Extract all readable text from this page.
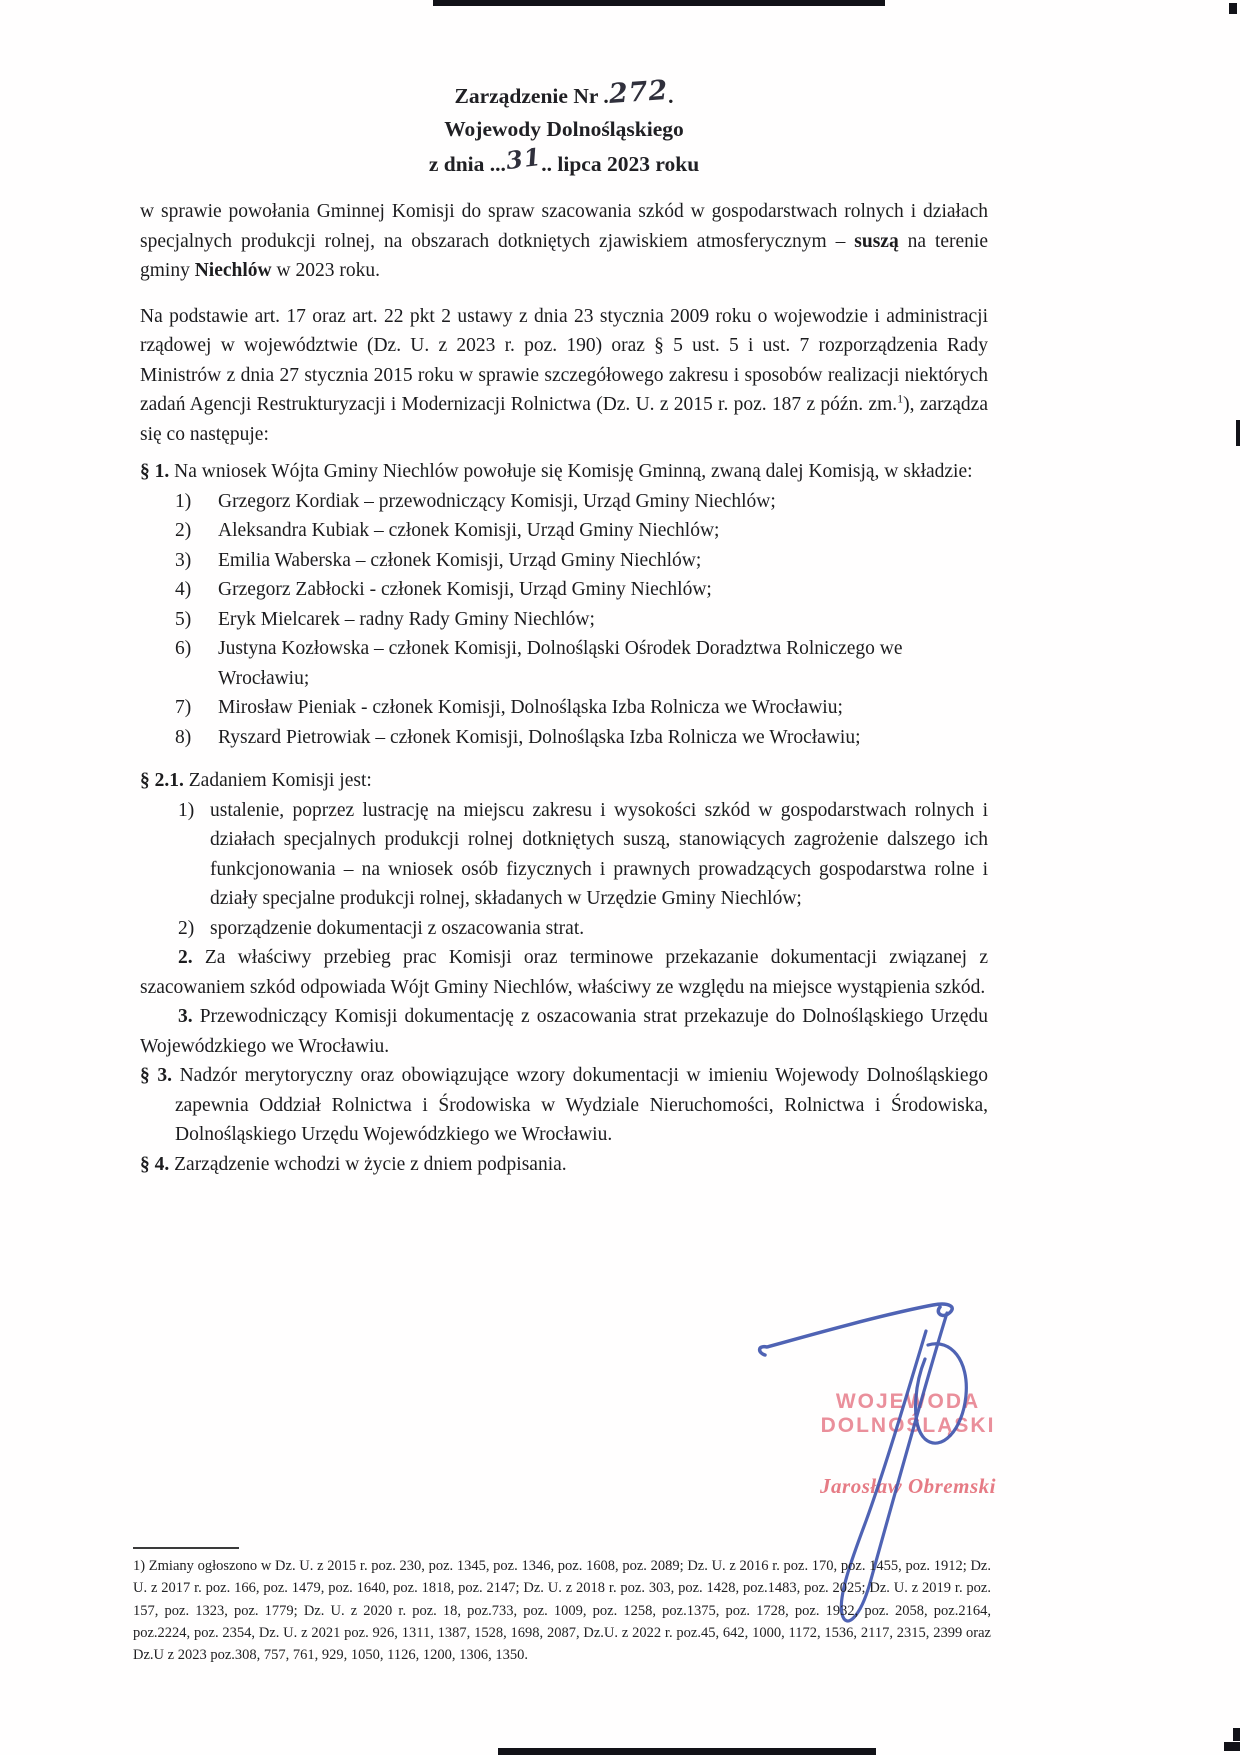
Zarządzenie Nr .272.
Wojewody Dolnośląskiego
z dnia ...31.. lipca 2023 roku

w sprawie powołania Gminnej Komisji do spraw szacowania szkód w gospodarstwach rolnych i działach specjalnych produkcji rolnej, na obszarach dotkniętych zjawiskiem atmosferycznym – suszą na terenie gminy Niechlów w 2023 roku.

Na podstawie art. 17 oraz art. 22 pkt 2 ustawy z dnia 23 stycznia 2009 roku o wojewodzie i administracji rządowej w województwie (Dz. U. z 2023 r. poz. 190) oraz § 5 ust. 5 i ust. 7 rozporządzenia Rady Ministrów z dnia 27 stycznia 2015 roku w sprawie szczegółowego zakresu i sposobów realizacji niektórych zadań Agencji Restrukturyzacji i Modernizacji Rolnictwa (Dz. U. z 2015 r. poz. 187 z późn. zm.$^1$), zarządza się co następuje:

§ 1. Na wniosek Wójta Gminy Niechlów powołuje się Komisję Gminną, zwaną dalej Komisją, w składzie:

1)	Grzegorz Kordiak – przewodniczący Komisji, Urząd Gminy Niechlów;
2)	Aleksandra Kubiak – członek Komisji, Urząd Gminy Niechlów;
3)	Emilia Waberska – członek Komisji, Urząd Gminy Niechlów;
4)	Grzegorz Zabłocki - członek Komisji, Urząd Gminy Niechlów;
5)	Eryk Mielcarek – radny Rady Gminy Niechlów;
6)	Justyna Kozłowska – członek Komisji, Dolnośląski Ośrodek Doradztwa Rolniczego we Wrocławiu;
7)	Mirosław Pieniak - członek Komisji, Dolnośląska Izba Rolnicza we Wrocławiu;
8)	Ryszard Pietrowiak – członek Komisji, Dolnośląska Izba Rolnicza we Wrocławiu;

§ 2.1. Zadaniem Komisji jest:

1) ustalenie, poprzez lustrację na miejscu zakresu i wysokości szkód w gospodarstwach rolnych i działach specjalnych produkcji rolnej dotkniętych suszą, stanowiących zagrożenie dalszego ich funkcjonowania – na wniosek osób fizycznych i prawnych prowadzących gospodarstwa rolne i działy specjalne produkcji rolnej, składanych w Urzędzie Gminy Niechlów;
2) sporządzenie dokumentacji z oszacowania strat.

2. Za właściwy przebieg prac Komisji oraz terminowe przekazanie dokumentacji związanej z szacowaniem szkód odpowiada Wójt Gminy Niechlów, właściwy ze względu na miejsce wystąpienia szkód.

3. Przewodniczący Komisji dokumentację z oszacowania strat przekazuje do Dolnośląskiego Urzędu Wojewódzkiego we Wrocławiu.

§ 3. Nadzór merytoryczny oraz obowiązujące wzory dokumentacji w imieniu Wojewody Dolnośląskiego zapewnia Oddział Rolnictwa i Środowiska w Wydziale Nieruchomości, Rolnictwa i Środowiska, Dolnośląskiego Urzędu Wojewódzkiego we Wrocławiu.

§ 4. Zarządzenie wchodzi w życie z dniem podpisania.

WOJEWODA DOLNOŚLĄSKI
Jarosław Obremski

1) Zmiany ogłoszono w Dz. U. z 2015 r. poz. 230, poz. 1345, poz. 1346, poz. 1608, poz. 2089; Dz. U. z 2016 r. poz. 170, poz. 1455, poz. 1912; Dz. U. z 2017 r. poz. 166, poz. 1479, poz. 1640, poz. 1818, poz. 2147; Dz. U. z 2018 r. poz. 303, poz. 1428, poz.1483, poz. 2025; Dz. U. z 2019 r. poz. 157, poz. 1323, poz. 1779; Dz. U. z 2020 r. poz. 18, poz.733, poz. 1009, poz. 1258, poz.1375, poz. 1728, poz. 1932, poz. 2058, poz.2164, poz.2224, poz. 2354, Dz. U. z 2021 poz. 926, 1311, 1387, 1528, 1698, 2087, Dz.U. z 2022 r. poz.45, 642, 1000, 1172, 1536, 2117, 2315, 2399 oraz Dz.U z 2023 poz.308, 757, 761, 929, 1050, 1126, 1200, 1306, 1350.
